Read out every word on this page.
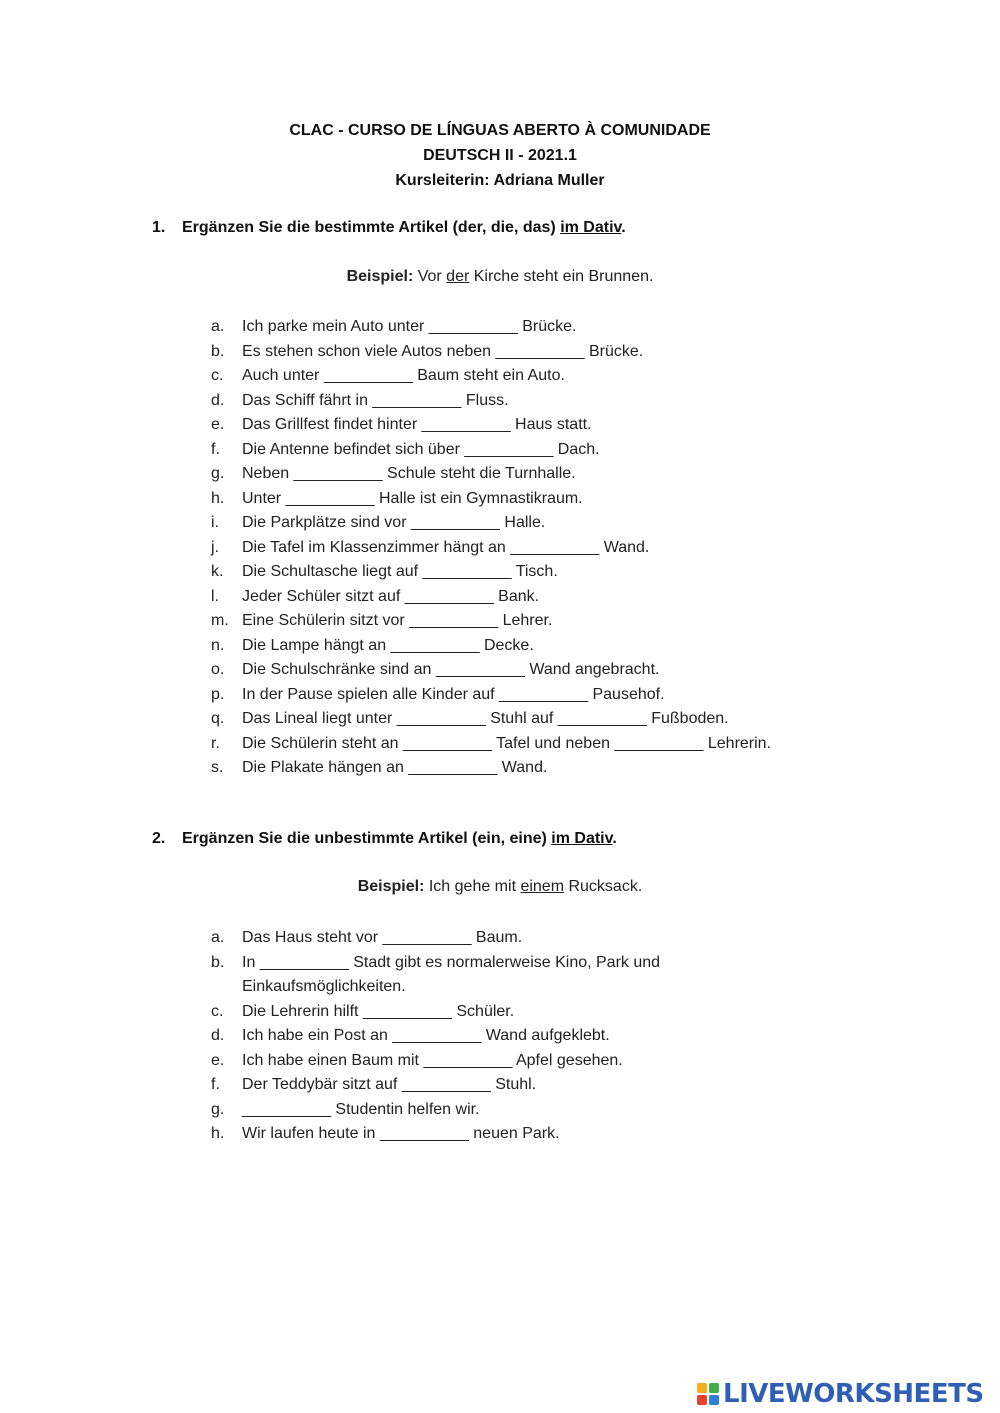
CLAC - CURSO DE LÍNGUAS ABERTO À COMUNIDADE
DEUTSCH II - 2021.1
Kursleiterin: Adriana Muller
1. Ergänzen Sie die bestimmte Artikel (der, die, das) im Dativ.
Beispiel: Vor der Kirche steht ein Brunnen.
a.	Ich parke mein Auto unter __________ Brücke.
b.	Es stehen schon viele Autos neben __________ Brücke.
c.	Auch unter __________ Baum steht ein Auto.
d.	Das Schiff fährt in __________ Fluss.
e.	Das Grillfest findet hinter __________ Haus statt.
f.	Die Antenne befindet sich über __________ Dach.
g.	Neben __________ Schule steht die Turnhalle.
h.	Unter __________ Halle ist ein Gymnastikraum.
i.	Die Parkplätze sind vor __________ Halle.
j.	Die Tafel im Klassenzimmer hängt an __________ Wand.
k.	Die Schultasche liegt auf __________ Tisch.
l.	Jeder Schüler sitzt auf __________ Bank.
m. Eine Schülerin sitzt vor __________ Lehrer.
n.	Die Lampe hängt an __________ Decke.
o.	Die Schulschränke sind an __________ Wand angebracht.
p.	In der Pause spielen alle Kinder auf __________ Pausehof.
q.	Das Lineal liegt unter __________ Stuhl auf __________ Fußboden.
r.	Die Schülerin steht an __________ Tafel und neben __________ Lehrerin.
s.	Die Plakate hängen an __________ Wand.
2. Ergänzen Sie die unbestimmte Artikel (ein, eine) im Dativ.
Beispiel: Ich gehe mit einem Rucksack.
a.	Das Haus steht vor __________ Baum.
b.	In __________ Stadt gibt es normalerweise Kino, Park und Einkaufsmöglichkeiten.
c.	Die Lehrerin hilft __________ Schüler.
d.	Ich habe ein Post an __________ Wand aufgeklebt.
e.	Ich habe einen Baum mit __________ Apfel gesehen.
f.	Der Teddybär sitzt auf __________ Stuhl.
g.	__________ Studentin helfen wir.
h.	Wir laufen heute in __________ neuen Park.
LIVEWORKSHEETS
